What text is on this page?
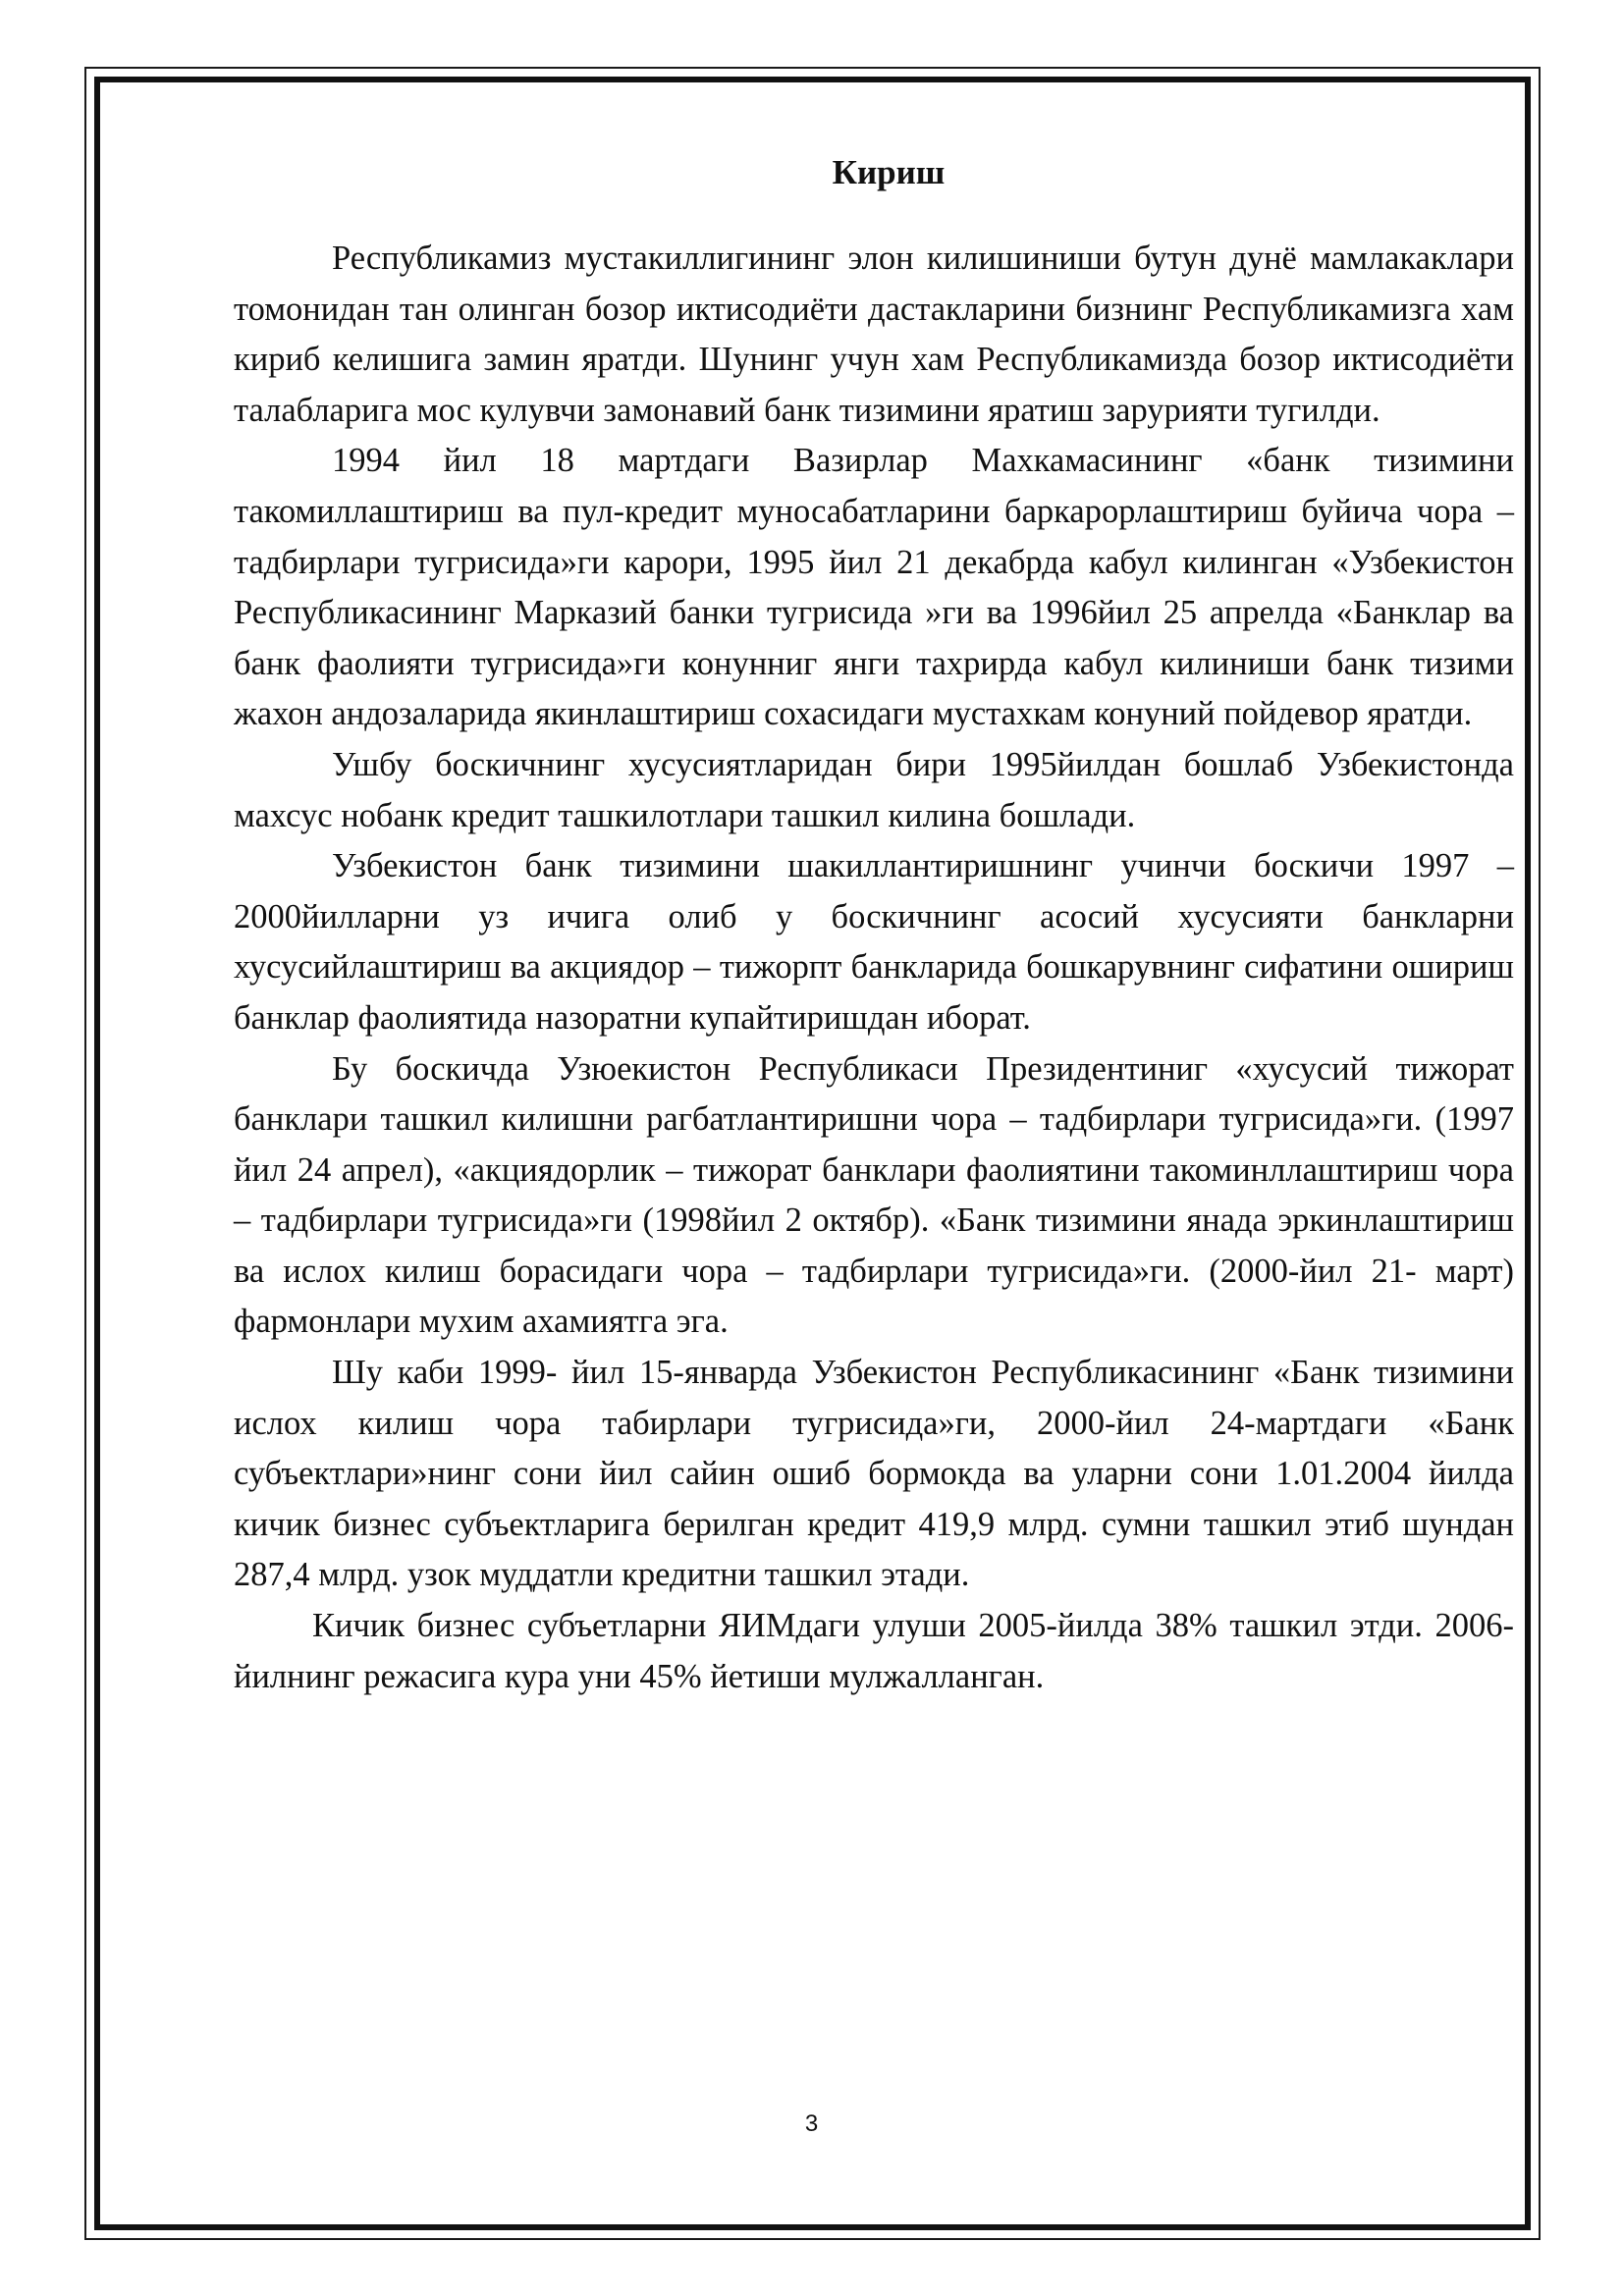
Кириш

Республикамиз мустакиллигининг элон килишиниши бутун дунё мамлакаклари томонидан тан олинган бозор иктисодиёти дастакларини бизнинг Республикамизга хам кириб келишига замин яратди. Шунинг учун хам Республикамизда бозор иктисодиёти талабларига мос кулувчи замонавий банк тизимини яратиш зарурияти тугилди.

1994 йил 18 мартдаги Вазирлар Махкамасининг «банк тизимини такомиллаштириш ва пул-кредит муносабатларини баркарорлаштириш буйича чора – тадбирлари тугрисида»ги карори, 1995 йил 21 декабрда кабул килинган «Узбекистон Республикасининг Марказий банки тугрисида »ги ва 1996йил 25 апрелда «Банклар ва банк фаолияти тугрисида»ги конунниг янги тахрирда кабул килиниши банк тизими жахон андозаларида якинлаштириш сохасидаги мустахкам конуний пойдевор яратди.

Ушбу боскичнинг хусусиятларидан бири 1995йилдан бошлаб Узбекистонда махсус нобанк кредит ташкилотлари ташкил килина бошлади.

Узбекистон банк тизимини шакиллантиришнинг учинчи боскичи 1997 – 2000йилларни уз ичига олиб у боскичнинг асосий хусусияти банкларни хусусийлаштириш ва акциядор – тижорпт банкларида бошкарувнинг сифатини ошириш банклар фаолиятида назоратни купайтиришдан иборат.

Бу боскичда Узюекистон Республикаси Президентиниг «хусусий тижорат банклари ташкил килишни рагбатлантиришни чора – тадбирлари тугрисида»ги. (1997 йил 24 апрел), «акциядорлик – тижорат банклари фаолиятини такоминллаштириш чора – тадбирлари тугрисида»ги (1998йил 2 октябр). «Банк тизимини янада эркинлаштириш ва ислох килиш борасидаги чора – тадбирлари тугрисида»ги. (2000-йил 21- март) фармонлари мухим ахамиятга эга.

Шу каби 1999- йил 15-январда Узбекистон Республикасининг «Банк тизимини ислох килиш чора табирлари тугрисида»ги, 2000-йил 24-мартдаги «Банк субъектлари»нинг сони йил сайин ошиб бормокда ва уларни сони 1.01.2004 йилда кичик бизнес субъектларига берилган кредит 419,9 млрд. сумни ташкил этиб шундан 287,4 млрд. узок муддатли кредитни ташкил этади.

Кичик бизнес субъетларни ЯИМдаги улуши 2005-йилда 38% ташкил этди. 2006-йилнинг режасига кура уни 45% йетиши мулжалланган.

3
